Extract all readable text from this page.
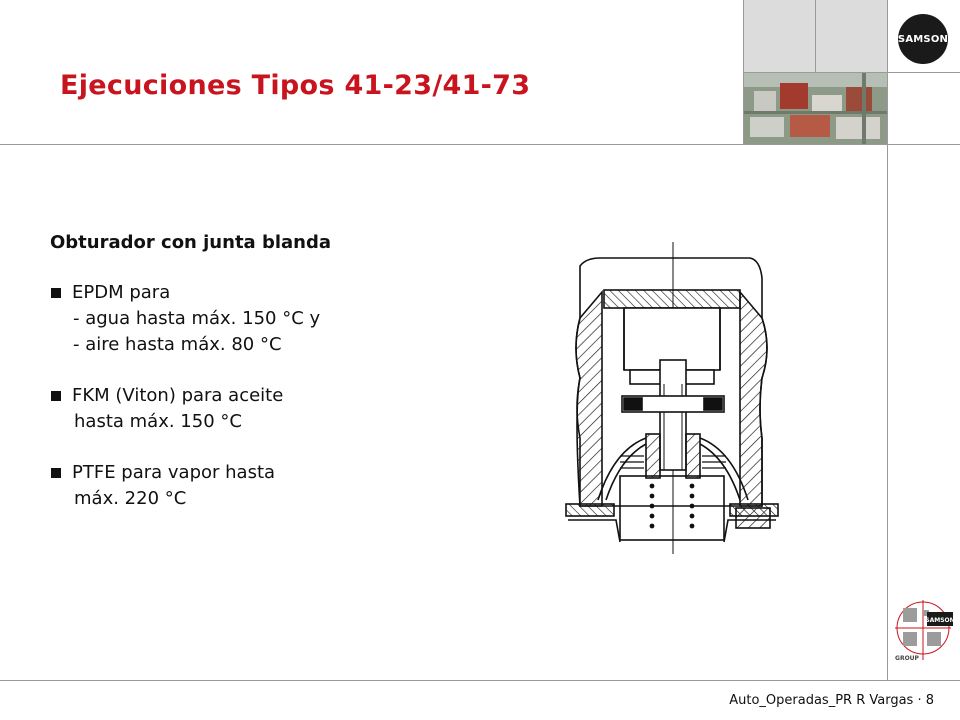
SAMSON
Ejecuciones Tipos 41-23/41-73
Obturador con junta blanda
EPDM para
- agua hasta máx. 150 °C y
- aire hasta máx. 80 °C
FKM (Viton) para aceite
hasta máx. 150 °C
PTFE para vapor hasta
máx. 220 °C
SAMSON
GROUP
Auto_Operadas_PR R Vargas · 8
